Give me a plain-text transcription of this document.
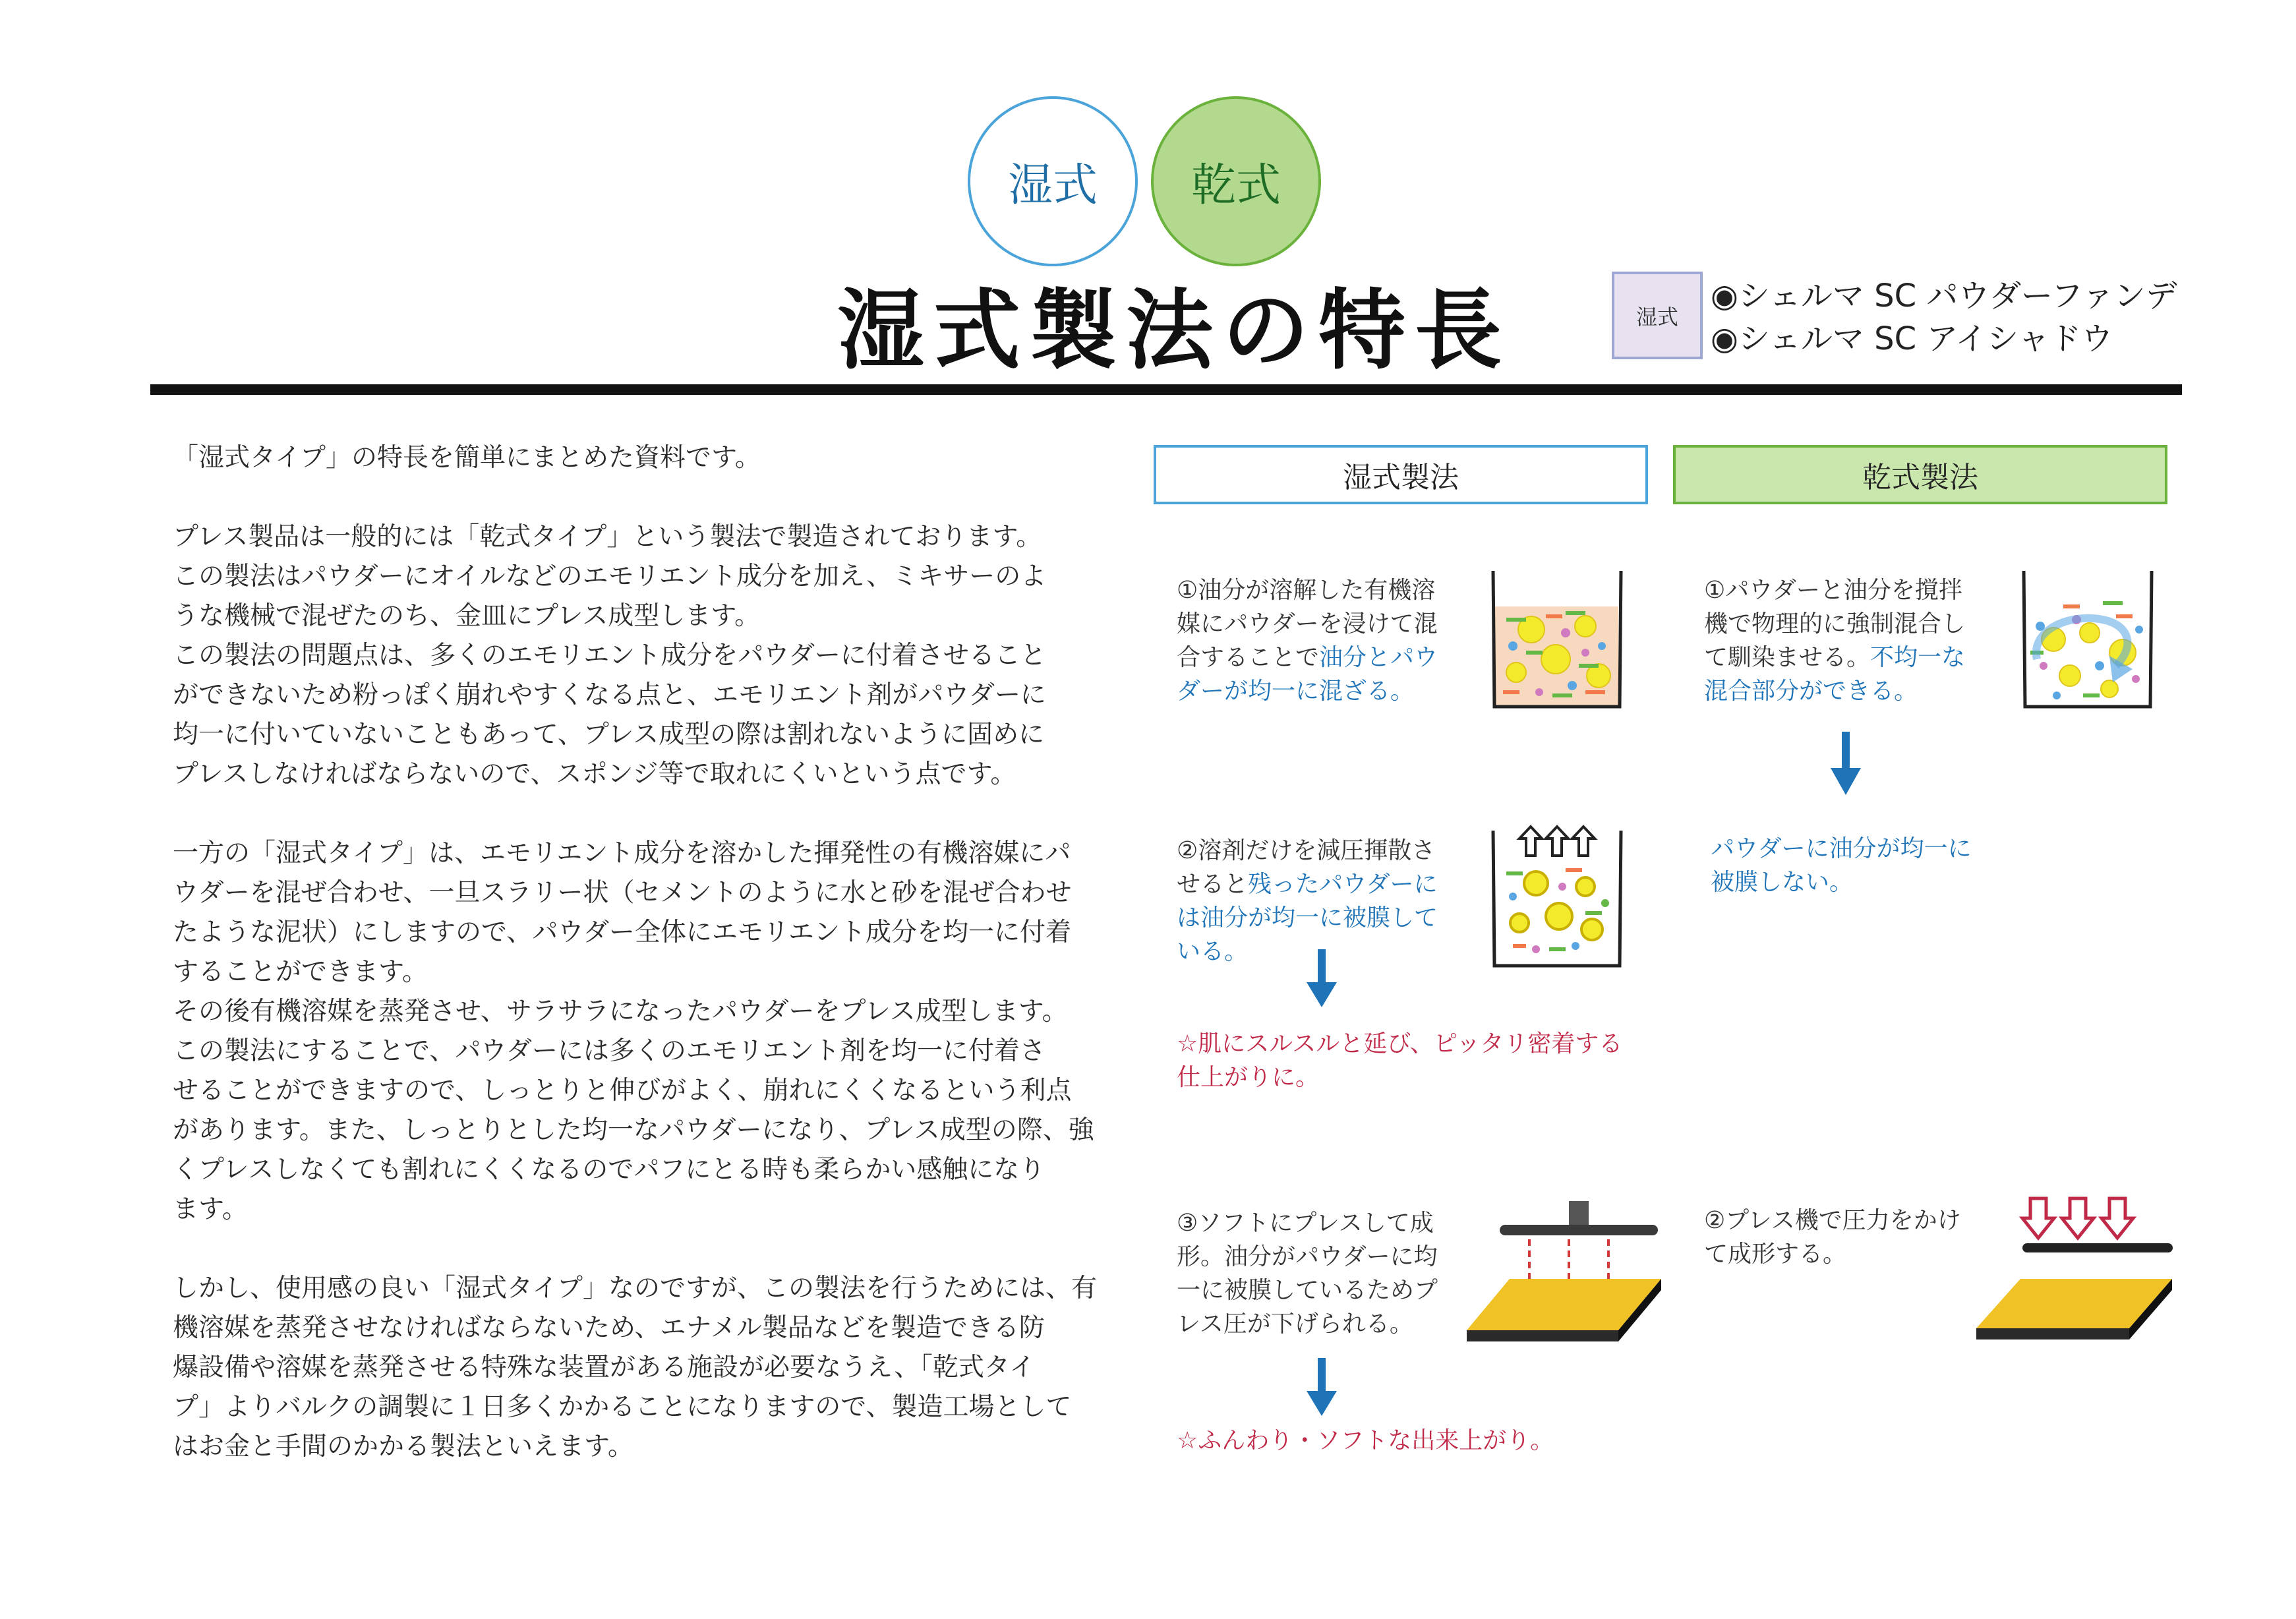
湿式	乾式
湿式製法の特長	湿式
◉シェルマ SC パウダーファンデ
◉シェルマ SC アイシャドウ

「湿式タイプ」の特長を簡単にまとめた資料です。

プレス製品は一般的には「乾式タイプ」という製法で製造されております。

この製法はパウダーにオイルなどのエモリエント成分を加え、ミキサーのよ

うな機械で混ぜたのち、金皿にプレス成型します。

この製法の問題点は、多くのエモリエント成分をパウダーに付着させること

ができないため粉っぽく崩れやすくなる点と、エモリエント剤がパウダーに

均一に付いていないこともあって、プレス成型の際は割れないように固めに

プレスしなければならないので、スポンジ等で取れにくいという点です。

一方の「湿式タイプ」は、エモリエント成分を溶かした揮発性の有機溶媒にパ

ウダーを混ぜ合わせ、一旦スラリー状（セメントのように水と砂を混ぜ合わせ

たような泥状）にしますので、パウダー全体にエモリエント成分を均一に付着

することができます。

その後有機溶媒を蒸発させ、サラサラになったパウダーをプレス成型します。

この製法にすることで、パウダーには多くのエモリエント剤を均一に付着さ

せることができますので、しっとりと伸びがよく、崩れにくくなるという利点

があります。また、しっとりとした均一なパウダーになり、プレス成型の際、強

くプレスしなくても割れにくくなるのでパフにとる時も柔らかい感触になり

ます。

しかし、使用感の良い「湿式タイプ」なのですが、この製法を行うためには、有

機溶媒を蒸発させなければならないため、エナメル製品などを製造できる防

爆設備や溶媒を蒸発させる特殊な装置がある施設が必要なうえ、「乾式タイ

プ」よりバルクの調製に１日多くかかることになりますので、製造工場として

はお金と手間のかかる製法といえます。

湿式製法	乾式製法

①油分が溶解した有機溶

媒にパウダーを浸けて混

合することで油分とパウ

ダーが均一に混ざる。

②溶剤だけを減圧揮散さ

せると残ったパウダーに

は油分が均一に被膜して

いる。

☆肌にスルスルと延び、ピッタリ密着する

仕上がりに。

③ソフトにプレスして成

形。油分がパウダーに均

一に被膜しているためプ

レス圧が下げられる。

☆ふんわり・ソフトな出来上がり。

①パウダーと油分を撹拌

機で物理的に強制混合し

て馴染ませる。不均一な

混合部分ができる。

パウダーに油分が均一に

被膜しない。

②プレス機で圧力をかけ

て成形する。
